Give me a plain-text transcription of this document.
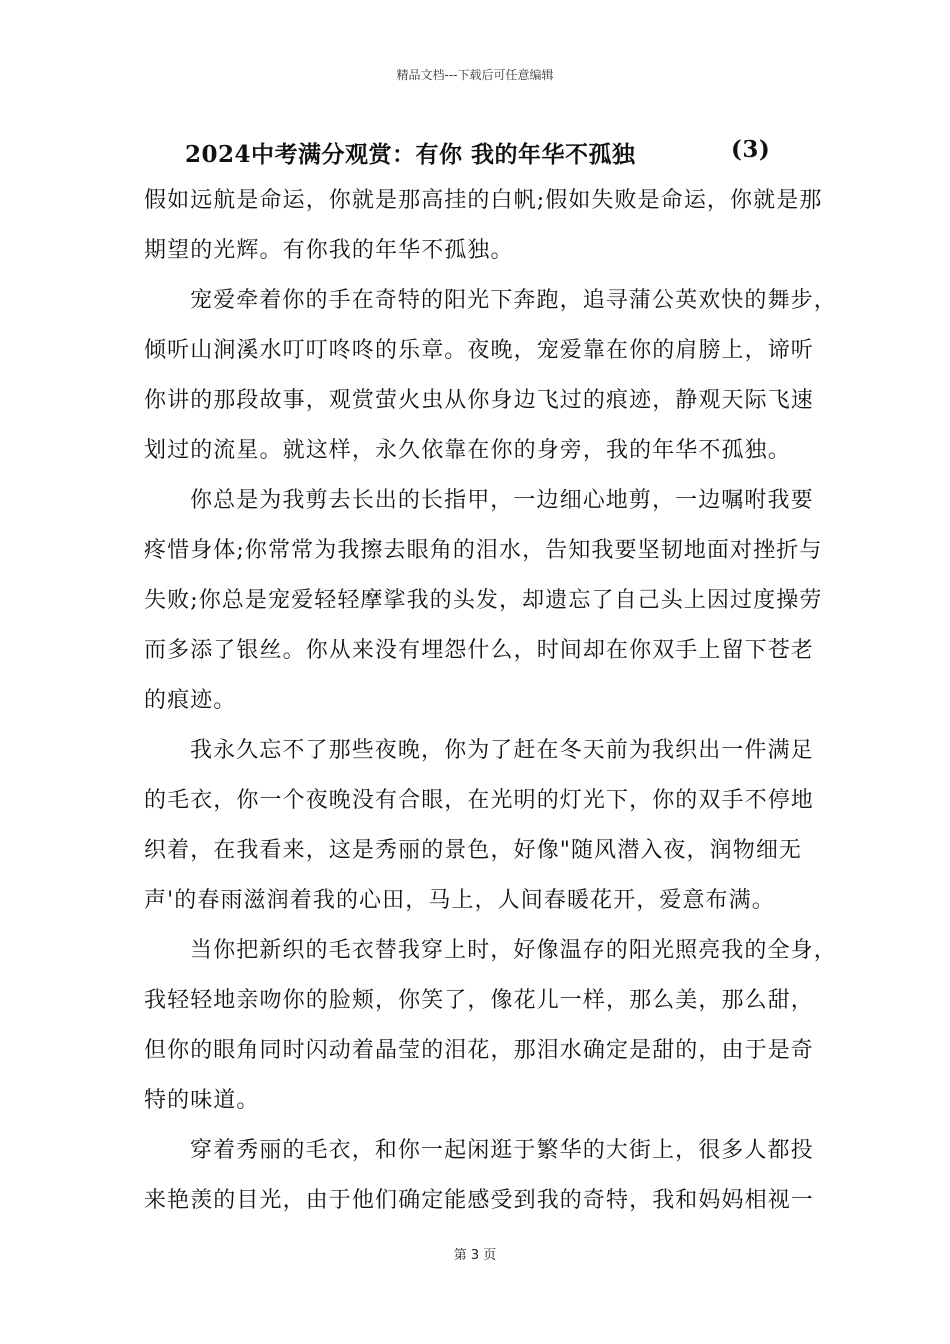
精品文档---下载后可任意编辑
2024中考满分观赏：有你 我的年华不孤独	(3)
假如远航是命运，你就是那高挂的白帆;假如失败是命运，你就是那
期望的光辉。有你我的年华不孤独。
宠爱牵着你的手在奇特的阳光下奔跑，追寻蒲公英欢快的舞步，
倾听山涧溪水叮叮咚咚的乐章。夜晚，宠爱靠在你的肩膀上，谛听
你讲的那段故事，观赏萤火虫从你身边飞过的痕迹，静观天际飞速
划过的流星。就这样，永久依靠在你的身旁，我的年华不孤独。
你总是为我剪去长出的长指甲，一边细心地剪，一边嘱咐我要
疼惜身体;你常常为我擦去眼角的泪水，告知我要坚韧地面对挫折与
失败;你总是宠爱轻轻摩挲我的头发，却遗忘了自己头上因过度操劳
而多添了银丝。你从来没有埋怨什么，时间却在你双手上留下苍老
的痕迹。
我永久忘不了那些夜晚，你为了赶在冬天前为我织出一件满足
的毛衣，你一个夜晚没有合眼，在光明的灯光下，你的双手不停地
织着，在我看来，这是秀丽的景色，好像"随风潜入夜，润物细无
声'的春雨滋润着我的心田，马上，人间春暖花开，爱意布满。
当你把新织的毛衣替我穿上时，好像温存的阳光照亮我的全身，
我轻轻地亲吻你的脸颊，你笑了，像花儿一样，那么美，那么甜，
但你的眼角同时闪动着晶莹的泪花，那泪水确定是甜的，由于是奇
特的味道。
穿着秀丽的毛衣，和你一起闲逛于繁华的大街上，很多人都投
来艳羡的目光，由于他们确定能感受到我的奇特，我和妈妈相视一
第 3 页
